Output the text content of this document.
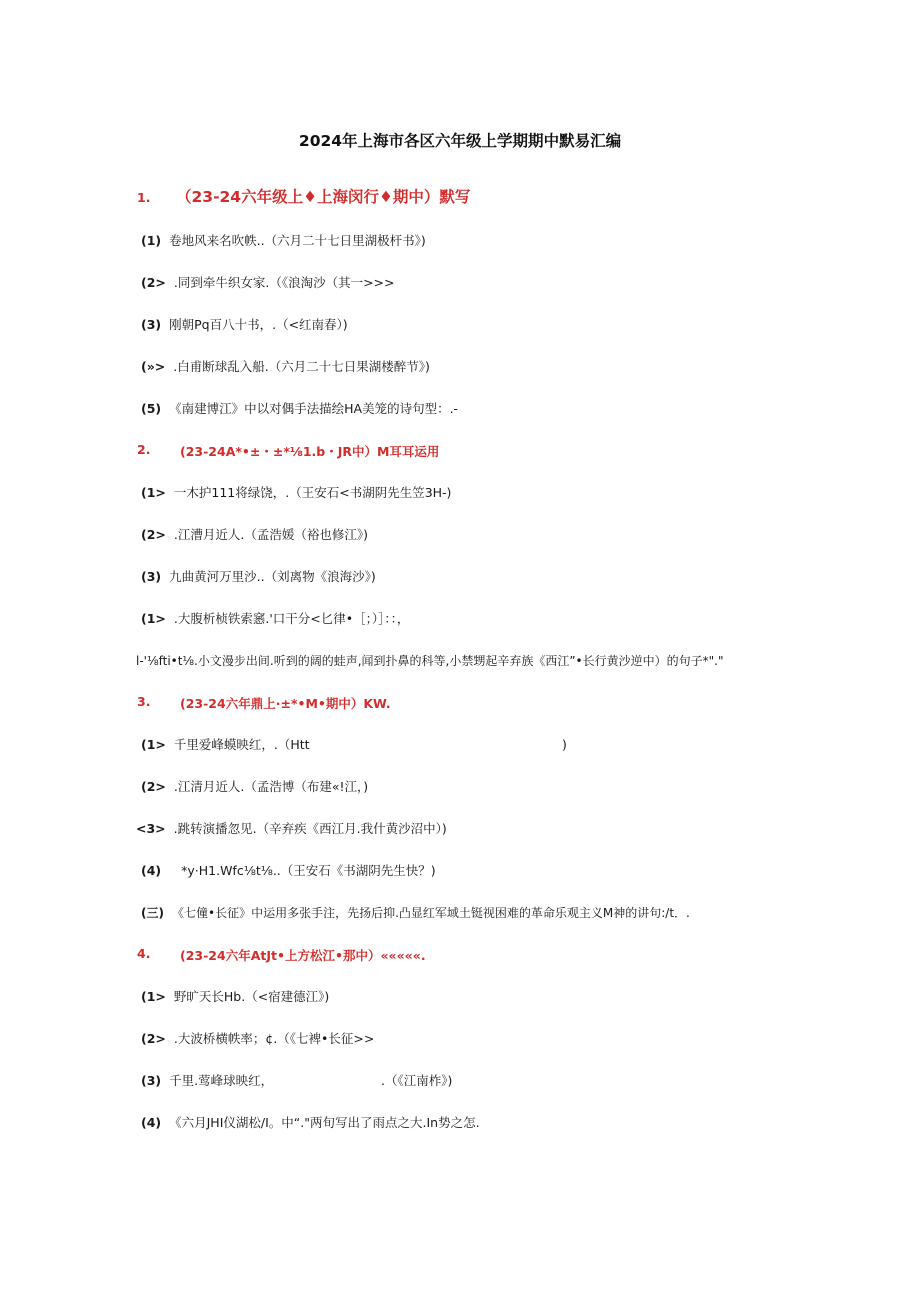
2024年上海市各区六年级上学期期中默易汇编
1. （23-24六年级上♦上海闵行♦期中）默写
(1) 卷地风来名吹帙..（六月二十七日里湖极杆书》)
(2> .同到牵牛织女家.（《浪淘沙（其一>>>
(3) 刚朝Pq百八十书，.（<红南春）)
(»> .白甫断球乱入船.（六月二十七日果湖楼醉节》)
(5) 《南建博江》中以对偶手法描绘HA美笼的诗句型：.-
2. (23-24A*•±・±*⅛1.b・JR中）M耳耳运用
(1> 一木护111将绿饶，.（王安石<书湖阴先生笠3H-)
(2> .江漕月近人.（孟浩媛（裕也修江》)
(3) 九曲黄河万里沙..（刘离物《浪海沙》)
(1> .大腹析桢铁索窸.'口干分<匕律•［；）］：：，
l-'⅛fti•t⅛.小文漫步出间.听到的阔的蛙声,闻到扑鼻的科等,小禁甥起辛弃族《西江”•长行黄沙逆中）的句子*"."
3. (23-24六年鼎上·±*•M•期中）KW.
(1> 千里爱峰蟆映红，.（Htt	)
(2> .江清月近人.（孟浩博（布建«!江，)
<3> .跳转演播忽见.（辛弃疾《西江月.我什黄沙沼中）)
(4) *y·H1.Wfc⅛t⅛..（王安石《书湖阴先生快？)
(三) 《七僮•长征》中运用多张手注，先扬后抑.凸显红军域土铤视困难的革命乐观主义M神的讲句:/t．.
4. (23-24六年AtJt•上方松江•那中）«««««.
(1> 野旷天长Hb.（<宿建德江》)
(2> .大波桥横帙率；¢.（《七裨•长征>>
(3) 千里.莺峰球映红，	.（《江南柞》)
(4) 《六月JHI仪湖松/I。中“."两旬写出了雨点之大.In势之怎.
